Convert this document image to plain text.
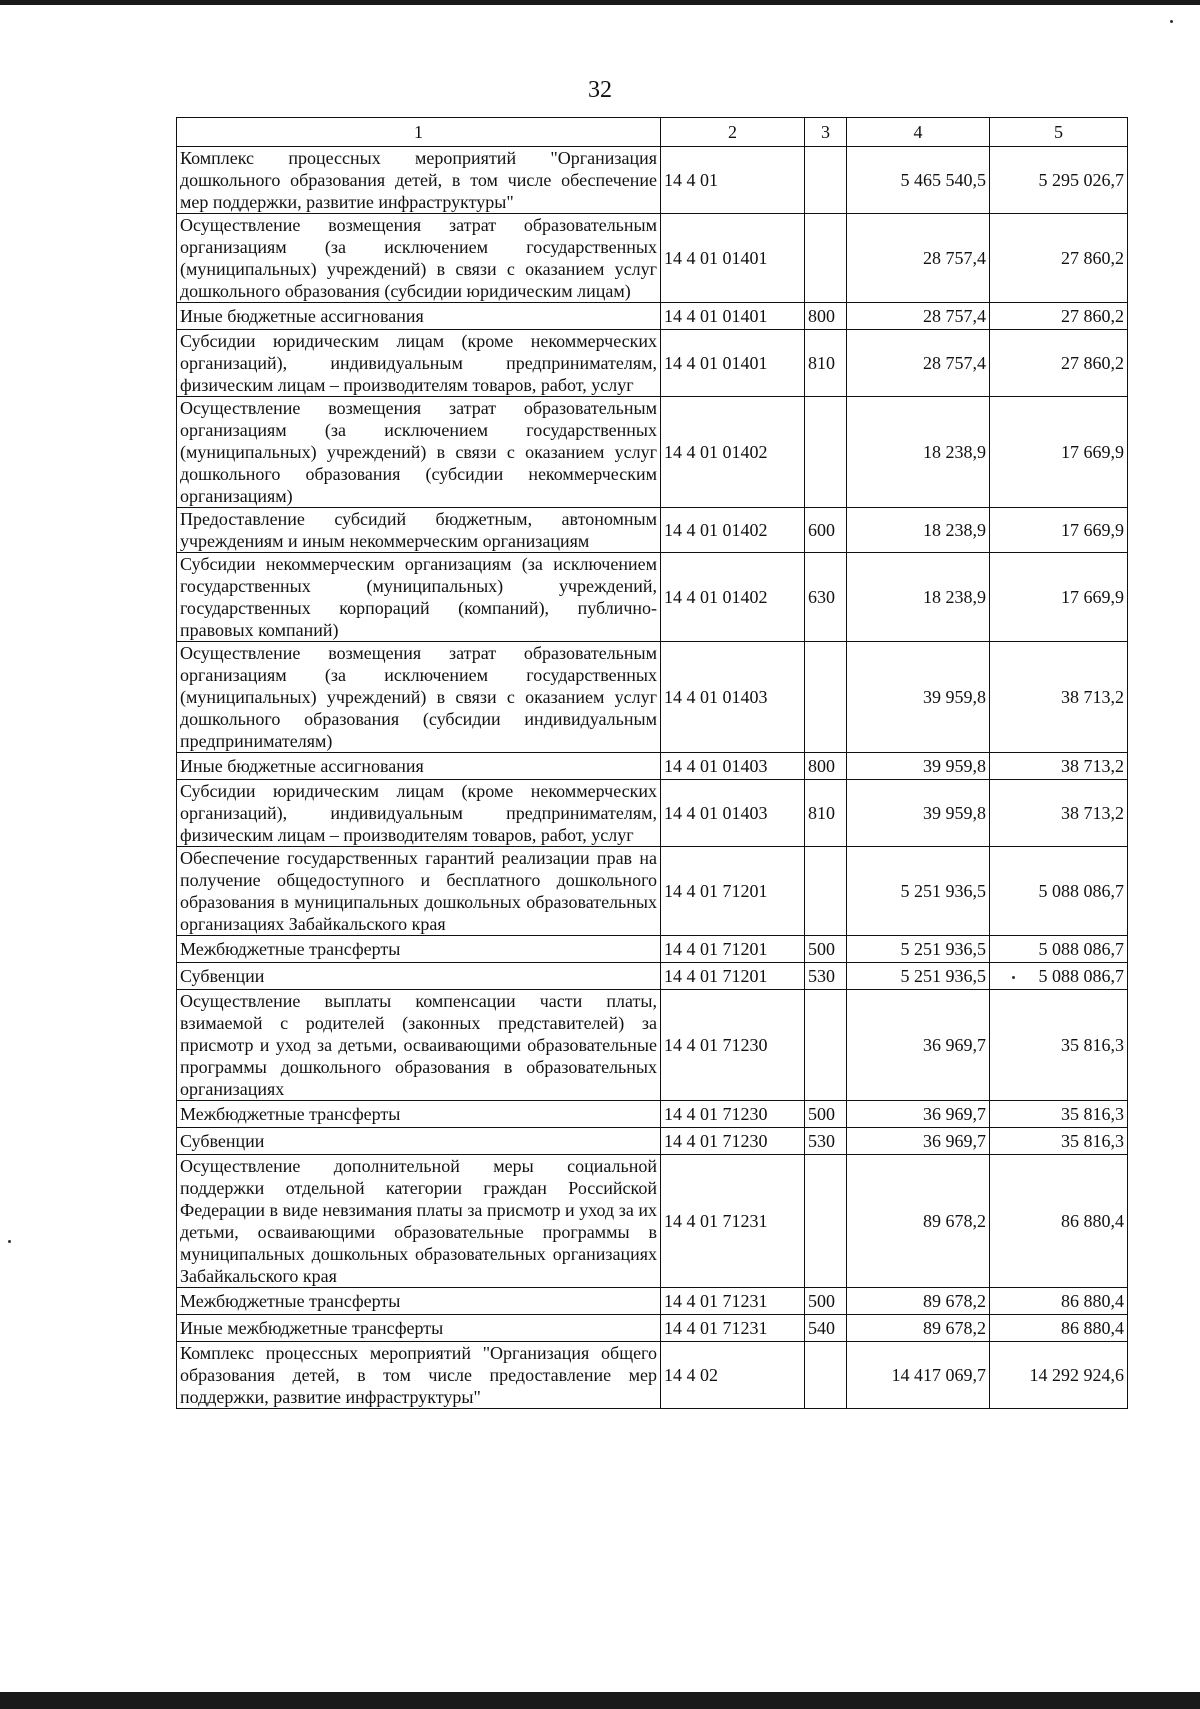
32
1	2	3	4	5
Комплекс процессных мероприятий "Организация дошкольного образования детей, в том числе обеспечение мер поддержки, развитие инфраструктуры"	14 4 01		5 465 540,5	5 295 026,7
Осуществление возмещения затрат образовательным организациям (за исключением государственных (муниципальных) учреждений) в связи с оказанием услуг дошкольного образования (субсидии юридическим лицам)	14 4 01 01401		28 757,4	27 860,2
Иные бюджетные ассигнования	14 4 01 01401	800	28 757,4	27 860,2
Субсидии юридическим лицам (кроме некоммерческих организаций), индивидуальным предпринимателям, физическим лицам – производителям товаров, работ, услуг	14 4 01 01401	810	28 757,4	27 860,2
Осуществление возмещения затрат образовательным организациям (за исключением государственных (муниципальных) учреждений) в связи с оказанием услуг дошкольного образования (субсидии некоммерческим организациям)	14 4 01 01402		18 238,9	17 669,9
Предоставление субсидий бюджетным, автономным учреждениям и иным некоммерческим организациям	14 4 01 01402	600	18 238,9	17 669,9
Субсидии некоммерческим организациям (за исключением государственных (муниципальных) учреждений, государственных корпораций (компаний), публично-правовых компаний)	14 4 01 01402	630	18 238,9	17 669,9
Осуществление возмещения затрат образовательным организациям (за исключением государственных (муниципальных) учреждений) в связи с оказанием услуг дошкольного образования (субсидии индивидуальным предпринимателям)	14 4 01 01403		39 959,8	38 713,2
Иные бюджетные ассигнования	14 4 01 01403	800	39 959,8	38 713,2
Субсидии юридическим лицам (кроме некоммерческих организаций), индивидуальным предпринимателям, физическим лицам – производителям товаров, работ, услуг	14 4 01 01403	810	39 959,8	38 713,2
Обеспечение государственных гарантий реализации прав на получение общедоступного и бесплатного дошкольного образования в муниципальных дошкольных образовательных организациях Забайкальского края	14 4 01 71201		5 251 936,5	5 088 086,7
Межбюджетные трансферты	14 4 01 71201	500	5 251 936,5	5 088 086,7
Субвенции	14 4 01 71201	530	5 251 936,5	5 088 086,7
Осуществление выплаты компенсации части платы, взимаемой с родителей (законных представителей) за присмотр и уход за детьми, осваивающими образовательные программы дошкольного образования в образовательных организациях	14 4 01 71230		36 969,7	35 816,3
Межбюджетные трансферты	14 4 01 71230	500	36 969,7	35 816,3
Субвенции	14 4 01 71230	530	36 969,7	35 816,3
Осуществление дополнительной меры социальной поддержки отдельной категории граждан Российской Федерации в виде невзимания платы за присмотр и уход за их детьми, осваивающими образовательные программы в муниципальных дошкольных образовательных организациях Забайкальского края	14 4 01 71231		89 678,2	86 880,4
Межбюджетные трансферты	14 4 01 71231	500	89 678,2	86 880,4
Иные межбюджетные трансферты	14 4 01 71231	540	89 678,2	86 880,4
Комплекс процессных мероприятий "Организация общего образования детей, в том числе предоставление мер поддержки, развитие инфраструктуры"	14 4 02		14 417 069,7	14 292 924,6
